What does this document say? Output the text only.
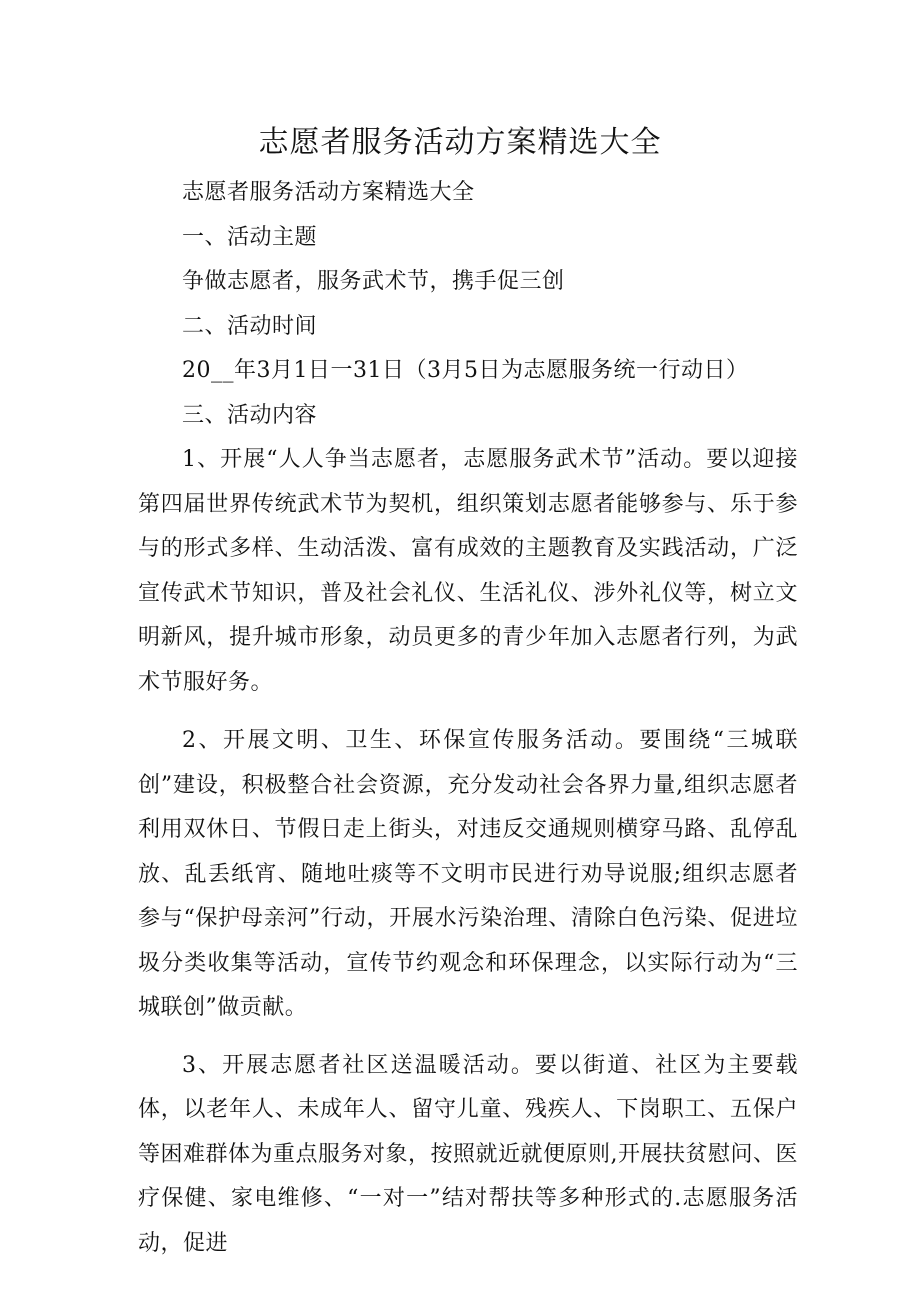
志愿者服务活动方案精选大全

志愿者服务活动方案精选大全

一、活动主题

争做志愿者，服务武术节，携手促三创

二、活动时间

20__年3月1日一31日（3月5日为志愿服务统一行动日）

三、活动内容

1、开展“人人争当志愿者，志愿服务武术节”活动。要以迎接第四届世界传统武术节为契机，组织策划志愿者能够参与、乐于参与的形式多样、生动活泼、富有成效的主题教育及实践活动，广泛宣传武术节知识，普及社会礼仪、生活礼仪、涉外礼仪等，树立文明新风，提升城市形象，动员更多的青少年加入志愿者行列，为武术节服好务。

2、开展文明、卫生、环保宣传服务活动。要围绕“三城联创”建设，积极整合社会资源，充分发动社会各界力量,组织志愿者利用双休日、节假日走上街头，对违反交通规则横穿马路、乱停乱放、乱丢纸宵、随地吐痰等不文明市民进行劝导说服;组织志愿者参与“保护母亲河”行动，开展水污染治理、清除白色污染、促进垃圾分类收集等活动，宣传节约观念和环保理念，以实际行动为“三城联创”做贡献。

3、开展志愿者社区送温暖活动。要以街道、社区为主要载体，以老年人、未成年人、留守儿童、残疾人、下岗职工、五保户等困难群体为重点服务对象，按照就近就便原则,开展扶贫慰问、医疗保健、家电维修、“一对一”结对帮扶等多种形式的.志愿服务活动，促进
